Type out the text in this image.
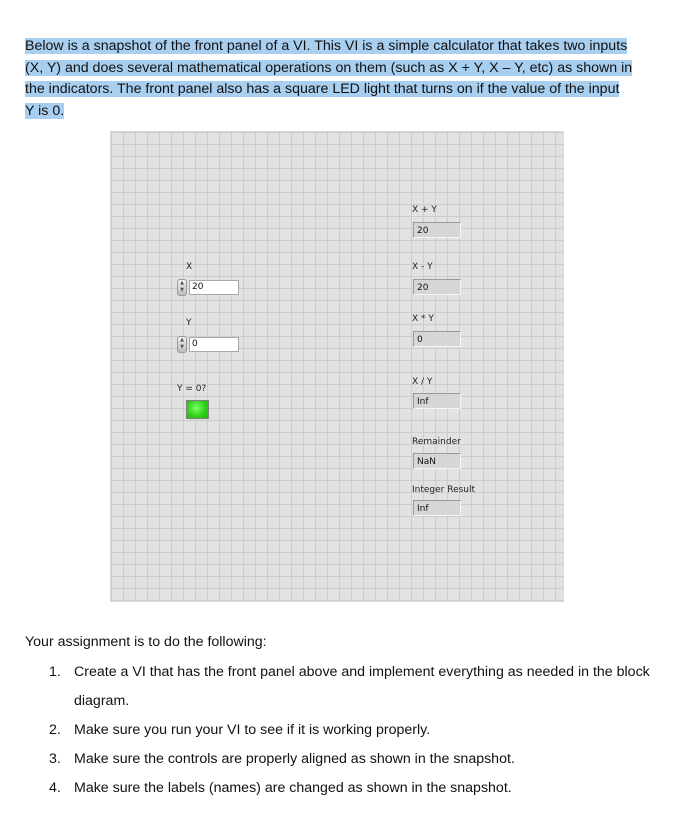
Below is a snapshot of the front panel of a VI. This VI is a simple calculator that takes two inputs
(X, Y) and does several mathematical operations on them (such as X + Y, X – Y, etc) as shown in
the indicators. The front panel also has a square LED light that turns on if the value of the input
Y is 0.

X
▲
▼ 20
Y
▲
▼ 0
Y = 0?
X + Y
20
X - Y
20
X * Y
0
X / Y
Inf
Remainder
NaN
Integer Result
Inf

Your assignment is to do the following:

1. Create a VI that has the front panel above and implement everything as needed in the block diagram.
2. Make sure you run your VI to see if it is working properly.
3. Make sure the controls are properly aligned as shown in the snapshot.
4. Make sure the labels (names) are changed as shown in the snapshot.
